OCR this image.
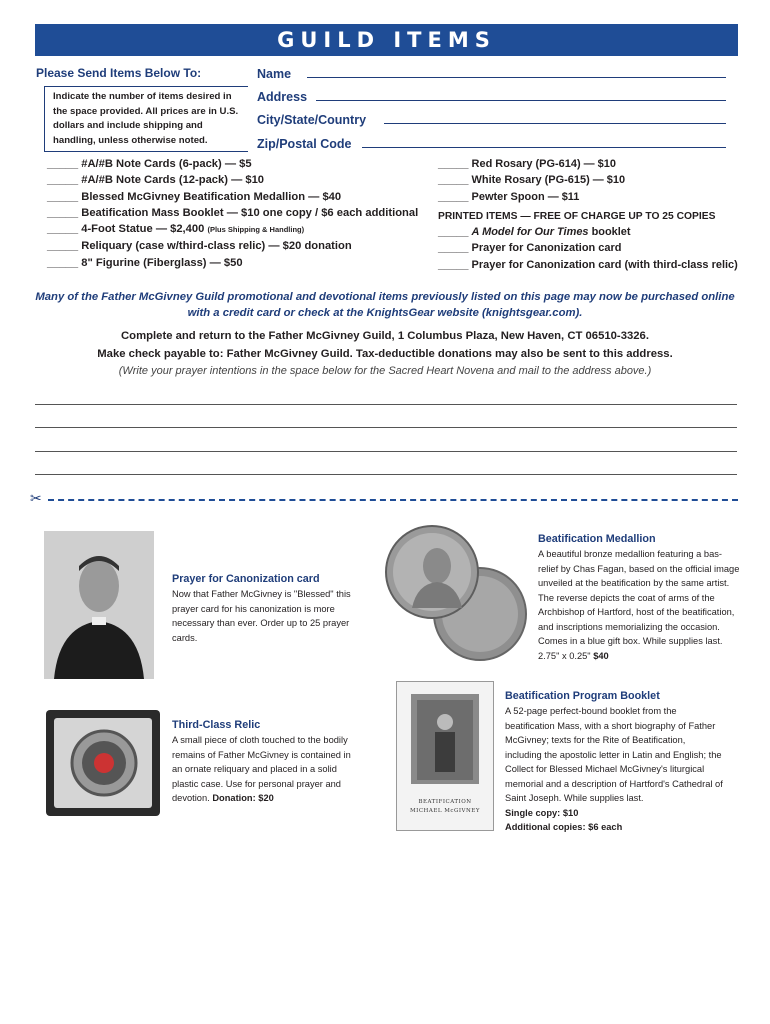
GUILD ITEMS
Please Send Items Below To:
Indicate the number of items desired in the space provided. All prices are in U.S. dollars and include shipping and handling, unless otherwise noted.
Name
Address
City/State/Country
Zip/Postal Code
_____ #A/#B Note Cards (6-pack) — $5
_____ #A/#B Note Cards (12-pack) — $10
_____ Blessed McGivney Beatification Medallion — $40
_____ Beatification Mass Booklet — $10 one copy / $6 each additional
_____ 4-Foot Statue — $2,400 (Plus Shipping & Handling)
_____ Reliquary (case w/third-class relic) — $20 donation
_____ 8" Figurine (Fiberglass) — $50
_____ Red Rosary (PG-614) — $10
_____ White Rosary (PG-615) — $10
_____ Pewter Spoon — $11
PRINTED ITEMS — FREE OF CHARGE UP TO 25 COPIES
_____ A Model for Our Times booklet
_____ Prayer for Canonization card
_____ Prayer for Canonization card (with third-class relic)
Many of the Father McGivney Guild promotional and devotional items previously listed on this page may now be purchased online
with a credit card or check at the KnightsGear website (knightsgear.com).
Complete and return to the Father McGivney Guild, 1 Columbus Plaza, New Haven, CT 06510-3326.
Make check payable to: Father McGivney Guild. Tax-deductible donations may also be sent to this address.
(Write your prayer intentions in the space below for the Sacred Heart Novena and mail to the address above.)
✂
Prayer for Canonization card
Now that Father McGivney is "Blessed" this prayer card for his canonization is more necessary than ever. Order up to 25 prayer cards.
Beatification Medallion
A beautiful bronze medallion featuring a bas-relief by Chas Fagan, based on the official image unveiled at the beatification by the same artist. The reverse depicts the coat of arms of the Archbishop of Hartford, host of the beatification, and inscriptions memorializing the occasion. Comes in a blue gift box. While supplies last. 2.75" x 0.25" $40
Third-Class Relic
A small piece of cloth touched to the bodily remains of Father McGivney is contained in an ornate reliquary and placed in a solid plastic case. Use for personal prayer and devotion. Donation: $20	BEATIFICATION
MICHAEL McGIVNEY
Beatification Program Booklet
A 52-page perfect-bound booklet from the beatification Mass, with a short biography of Father McGivney; texts for the Rite of Beatification, including the apostolic letter in Latin and English; the Collect for Blessed Michael McGivney's liturgical memorial and a description of Hartford's Cathedral of Saint Joseph. While supplies last.
Single copy: $10
Additional copies: $6 each
